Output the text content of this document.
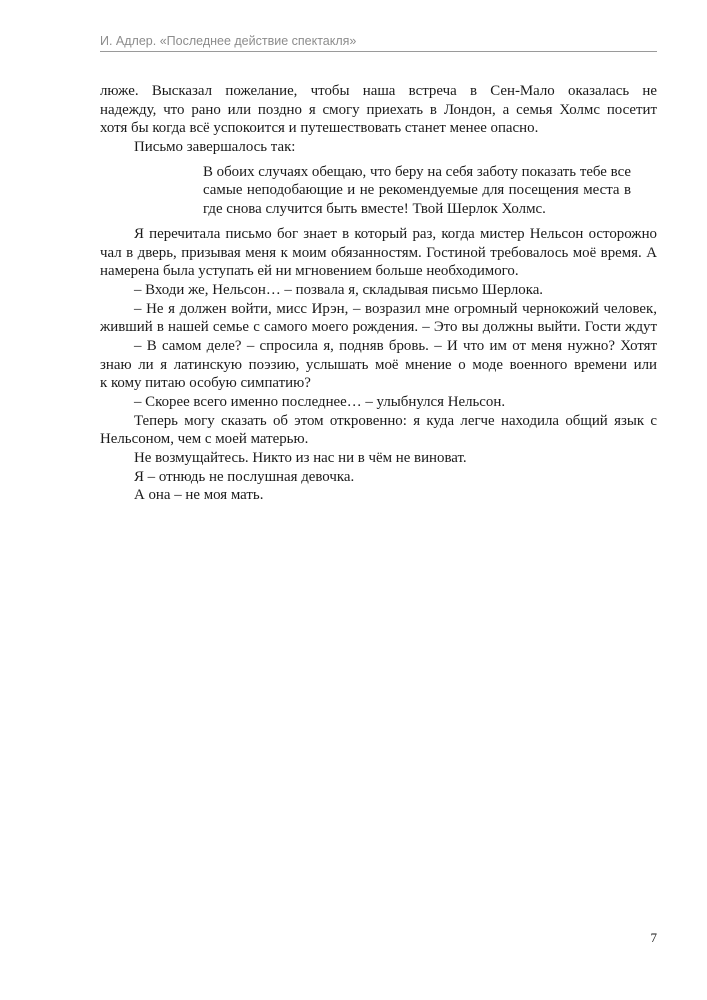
И. Адлер. «Последнее действие спектакля»
люже. Высказал пожелание, чтобы наша встреча в Сен-Мало оказалась не
надежду, что рано или поздно я смогу приехать в Лондон, а семья Холмс посетит
хотя бы когда всё успокоится и путешествовать станет менее опасно.
Письмо завершалось так:
В обоих случаях обещаю, что беру на себя заботу показать тебе все
самые неподобающие и не рекомендуемые для посещения места в
где снова случится быть вместе! Твой Шерлок Холмс.
Я перечитала письмо бог знает в который раз, когда мистер Нельсон осторожно
чал в дверь, призывая меня к моим обязанностям. Гостиной требовалось моё время. А
намерена была уступать ей ни мгновением больше необходимого.
– Входи же, Нельсон… – позвала я, складывая письмо Шерлока.
– Не я должен войти, мисс Ирэн, – возразил мне огромный чернокожий человек,
живший в нашей семье с самого моего рождения. – Это вы должны выйти. Гости ждут
– В самом деле? – спросила я, подняв бровь. – И что им от меня нужно? Хотят
знаю ли я латинскую поэзию, услышать моё мнение о моде военного времени или
к кому питаю особую симпатию?
– Скорее всего именно последнее… – улыбнулся Нельсон.
Теперь могу сказать об этом откровенно: я куда легче находила общий язык с
Нельсоном, чем с моей матерью.
Не возмущайтесь. Никто из нас ни в чём не виноват.
Я – отнюдь не послушная девочка.
А она – не моя мать.
7
